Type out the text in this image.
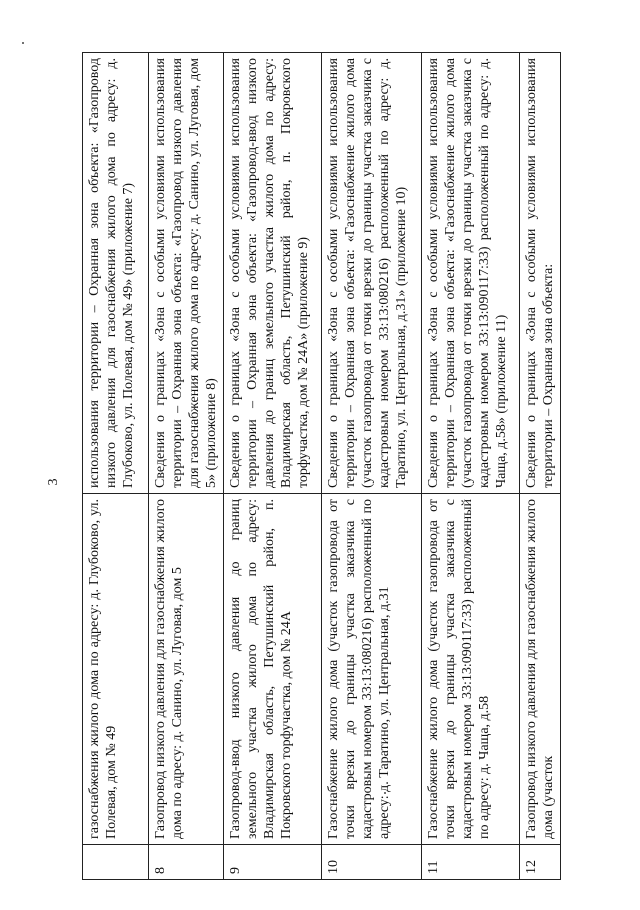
3
	газоснабжения жилого дома по адресу: д. Глубоково, ул. Полевая, дом № 49	использования территории – Охранная зона объекта: «Газопровод низкого давления для газоснабжения жилого дома по адресу: д. Глубоково, ул. Полевая, дом № 49» (приложение 7)
8	Газопровод низкого давления для газоснабжения жилого дома по адресу: д. Санино, ул. Луговая, дом 5	Сведения о границах «Зона с особыми условиями использования территории – Охранная зона объекта: «Газопровод низкого давления для газоснабжения жилого дома по адресу: д. Санино, ул. Луговая, дом 5» (приложение 8)
9	Газопровод-ввод низкого давления до границ земельного участка жилого дома по адресу: Владимирская область, Петушинский район, п. Покровского торфучастка, дом № 24А	Сведения о границах «Зона с особыми условиями использования территории – Охранная зона объекта: «Газопровод-ввод низкого давления до границ земельного участка жилого дома по адресу: Владимирская область, Петушинский район, п. Покровского торфучастка, дом № 24А» (приложение 9)
10	Газоснабжение жилого дома (участок газопровода от точки врезки до границы участка заказчика с кадастровым номером 33:13:080216) расположенный по адресу: д. Таратино, ул. Центральная, д.31	Сведения о границах «Зона с особыми условиями использования территории – Охранная зона объекта: «Газоснабжение жилого дома (участок газопровода от точки врезки до границы участка заказчика с кадастровым номером 33:13:080216) расположенный по адресу: д. Таратино, ул. Центральная, д.31» (приложение 10)
11	Газоснабжение жилого дома (участок газопровода от точки врезки до границы участка заказчика с кадастровым номером 33:13:090117:33) расположенный по адресу: д. Чаща, д.58	Сведения о границах «Зона с особыми условиями использования территории – Охранная зона объекта: «Газоснабжение жилого дома (участок газопровода от точки врезки до границы участка заказчика с кадастровым номером 33:13:090117:33) расположенный по адресу: д. Чаща, д.58» (приложение 11)
12	Газопровод низкого давления для газоснабжения жилого дома (участок	Сведения о границах «Зона с особыми условиями использования территории – Охранная зона объекта:
